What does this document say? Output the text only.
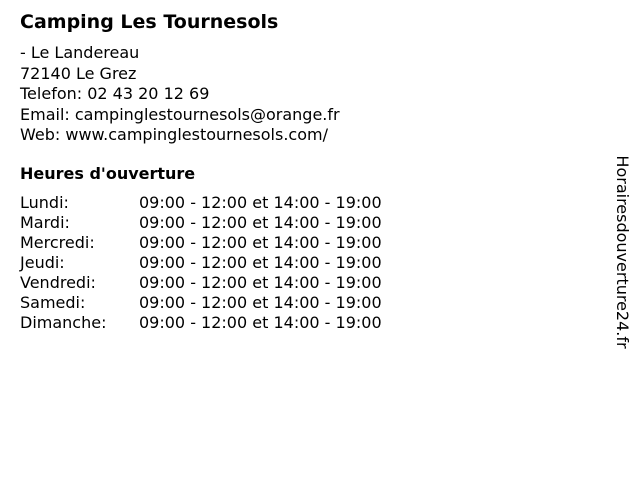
Camping Les Tournesols
- Le Landereau
72140 Le Grez
Telefon: 02 43 20 12 69
Email: campinglestournesols@orange.fr
Web: www.campinglestournesols.com/
Heures d'ouverture
Lundi:	09:00 - 12:00 et 14:00 - 19:00
Mardi:	09:00 - 12:00 et 14:00 - 19:00
Mercredi:	09:00 - 12:00 et 14:00 - 19:00
Jeudi:	09:00 - 12:00 et 14:00 - 19:00
Vendredi:	09:00 - 12:00 et 14:00 - 19:00
Samedi:	09:00 - 12:00 et 14:00 - 19:00
Dimanche:	09:00 - 12:00 et 14:00 - 19:00	Horairesdouverture24.fr
